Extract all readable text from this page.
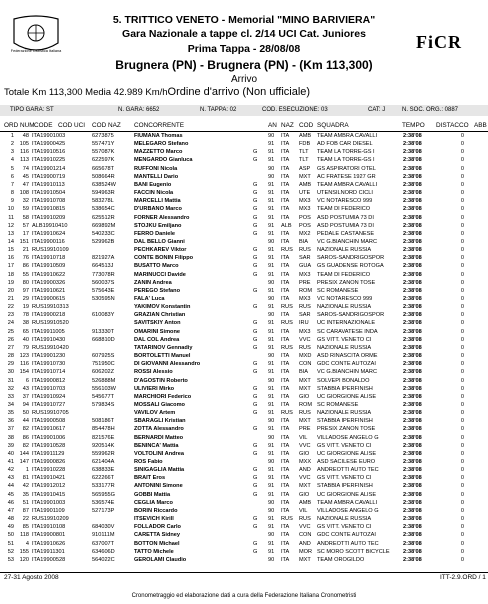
Federazione Ciclistica Italiana	FiCR
5. TRITTICO VENETO - Memorial "MINO BARIVIERA"
Gara Nazionale a tappe cl. 2/14 UCI Cat. Juniores
Prima Tappa - 28/08/08
Brugnera (PN) - Brugnera (PN) - (Km 113,300)
Arrivo
Totale Km 113,300 Media 42.989 Km/hOrdine d'arrivo (Non ufficiale)
TIPO GARA: ST	N. GARA: 6652	N. TAPPA: 02	COD. ESECUZIONE: 03	CAT: J	N. SOC. ORG.: 0887
ORD NUM CODE COD UCI COD NAZ CONCORRENTE	AN NAZ COD SQUADRA	TEMPO DISTACCO ABB
1	48 ITA19901003	6273875	FIUMANA Thomas	90	ITA	AMB	TEAM AMBRA CAVALLI	2:38'08	0
2	105 ITA19900425	557471Y	MELEGARO Stefano	91	ITA	FDB	AD FOB CAR DIESEL	2:38'08	0
3	116 ITA19910516	557087K	MAZZETTO Marco	G 91	ITA	TLT	TEAM LA TORRE-GS I	2:38'08	0
4	113 ITA19910225	622597K	MENGARDO Gianluca	G 91	ITA	TLT	TEAM LA TORRE-GS I	2:38'08	0
5	74 ITA19901214	665678T	RUFFONI Nicola	90	ITA	ASP	GS ASPIRATORI OTEL	2:38'08	0
6	45 ITA19900719	508664R	MANTELLI Dario	90	ITA	MXT	AC FRATESE 1927 GR	2:38'08	0
7	47 ITA19910113	638524W	BANI Eugenio	G 91	ITA	AMB	TEAM AMBRA CAVALLI	2:38'08	0
8	108 ITA19910504	594963R	FACCIN Nicola	G 91	ITA	UTE	UTENSILNORD CICLI	2:38'08	0
9	32 ITA19910708	583278L	MARCELLI Mattia	G 91	ITA	MX3	VC NOTARESCO 999	2:38'08	0
10	59 ITA19910815	538654C	D'URBANO Marco	G 91	ITA	MX3	TEAM DI FEDERICO	2:38'08	0
11	58 ITA19910209	625512R	FORNER Alessandro	G 91	ITA	POS	ASD POSTUMIA 73 DI	2:38'08	0
12	57 ALB19910410	669892M	STOJKU Emiljano	G 91	ALB	POS	ASD POSTUMIA 73 DI	2:38'08	0
13	17 ITA19910624	540233C	FERRO Daniele	G 91	ITA	MX2	PEDALE CASTANESE	2:38'08	0
14	151 ITA19900116	529962B	DAL BELLO Gianni	90	ITA	BIA	VC G.BIANCHIN MARC	2:38'08	0
15	21 RUS19910109	PECHKAREV Viktor	G 91	RUS	RUS	NAZIONALE RUSSIA	2:38'08	0
16	76 ITA19910718	821927A	CONTE BONIN Filippo	G 91	ITA	SAR	SAROS-SANDRIGOSPOR	2:38'08	0
17	86 ITA19910509	664513J	BUSATTO Marco	G 91	ITA	GUA	GS GUADENSE ROTOGA	2:38'08	0
18	55 ITA19910622	773078R	MARINUCCI Davide	G 91	ITA	MX3	TEAM DI FEDERICO	2:38'08	0
19	80 ITA19900326	560037S	ZANIN Andrea	90	ITA	PRE	PRESIX ZANON TOSE	2:38'08	0
20	97 ITA19910621	575643E	PEREGO Stefano	G 91	ITA	ROM SC ROMANESE	2:38'08	0
21	29 ITA19900615	530595N	FALA' Luca	90	ITA	MX3	VC NOTARESCO 999	2:38'08	0
22	19 RUS19910313	YAKIMOV Konstantin	G 91	RUS	RUS	NAZIONALE RUSSIA	2:38'08	0
23	78 ITA19900218	610083Y	GRAZIAN Christian	90	ITA	SAR	SAROS-SANDRIGOSPOR	2:38'08	0
24	38 RUS19910520	SAVITSKIY Anton	G 91	RUS	IRU	UC INTERNAZIONALE	2:38'08	0
25	65 ITA19911005	913330T	OMARINI Simone	G 91	ITA	MX3	SC CARAVATESE INDA	2:38'08	0
26	40 ITA19910430	668810D	DAL COL Andrea	G 91	ITA	VVC	GS VITT. VENETO CI	2:38'08	0
27	79 RUS19910420	TATARINOV Gennadiy	G 91	RUS	RUS	NAZIONALE RUSSIA	2:38'08	0
28	123 ITA19901230	607925S	BORTOLETTI Manuel	90	ITA	MXD ASD RINASCITA ORME	2:38'08	0
29	116 ITA19910730	751950C	DI GIOVANNI Alessandro	G 91	ITA	CON GDC CONTE AUTOZAI	2:38'08	0
30	154 ITA19910714	606202Z	ROSSI Alessio	G 91	ITA	BIA	VC G.BIANCHIN MARC	2:38'08	0
31	6 ITA19900812	526888M	D'AGOSTIN Roberto	90	ITA	MXT	SOLVEPI BONALDO	2:38'08	0
32	43 ITA19910703	556103W	ULIVIERI Mirko	G 91	ITA	MXT	STABBIA IPERFINISH	2:38'08	0
33	37 ITA19910924	545677T	MARCHIORI Federico	G 91	ITA	GIO	UC GIORGIONE ALISE	2:38'08	0
34	94 ITA19910727	579834S	MOSSALI Giacomo	G 91	ITA	ROM SC ROMANESE	2:38'08	0
35	50 RUS19910705	VAVILOV Artem	G 91	RUS	RUS	NAZIONALE RUSSIA	2:38'08	0
36	44 ITA19900508	508186T	SBARAGLI Kristian	90	ITA	MXT	STABBIA IPERFINISH	2:38'08	0
37	82 ITA19910617	854478H	ZOTTA Alessandro	G 91	ITA	PRE	PRESIX ZANON TOSE	2:38'08	0
38	86 ITA19901006	821576E	BERNARDI Matteo	90	ITA	VIL	VILLADOSE ANGELO G	2:38'08	0
39	82 ITA19910528	920514K	BENINCA' Mattia	G 91	ITA	VVC	GS VITT. VENETO CI	2:38'08	0
40	144 ITA19911129	559962R	VOLTOLINI Andrea	G 91	ITA	GIO	UC GIORGIONE ALISE	2:38'08	0
41	147 ITA19900826	621404A	ROS Fabio	90	ITA	MXX	ASD SACILESE EURO	2:38'08	0
42	1 ITA19910228	638833E	SINIGAGLIA Mattia	G 91	ITA	AND	ANDREOTTI AUTO TEC	2:38'08	0
43	81 ITA19910421	622266T	BRAIT Eros	G 91	ITA	VVC	GS VITT. VENETO CI	2:38'08	0
44	42 ITA19912012	533177R	ANTONINI Simone	G 91	ITA	MXT	STABBIA IPERFINISH	2:38'08	0
45	35 ITA19910415	565955G	GOBBI Mattia	G 91	ITA	GIO	UC GIORGIONE ALISE	2:38'08	0
46	51 ITA19901003	536574E	CEGLIA Marco	90	ITA	AMB	TEAM AMBRA CAVALLI	2:38'08	0
47	87 ITA19901109	527173P	BORIN Riccardo	90	ITA	VIL	VILLADOSE ANGELO G	2:38'08	0
48	22 RUS19910209	ITSEVICH Kirill	G 91	RUS	RUS	NAZIONALE RUSSIA	2:38'08	0
49	85 ITA19910108	684030V	FOLLADOR Carlo	G 91	ITA	VVC	GS VITT. VENETO CI	2:38'08	0
50	118 ITA19900801	910111M	CARETTA Sidney	90	ITA	CON GDC CONTE AUTOZAI	2:38'08	0
51	4 ITA19910626	637007T	BOTTON Michael	G 91	ITA	AND	ANDREOTTI AUTO TEC	2:38'08	0
52	155 ITA19911301	634606D	TATTO Michele	G 91	ITA	MOR SC MORO SCOTT BICYCLE	2:38'08	0
53	120 ITA19900528	564022C	GEROLAMI Claudio	90	ITA	MXT	TEAM OROGILDO	2:38'08	0
27-31 Agosto 2008	ITT-2.9.ORD / 1
Cronometraggio ed elaborazione dati a cura della Federazione Italiana Cronometristi
